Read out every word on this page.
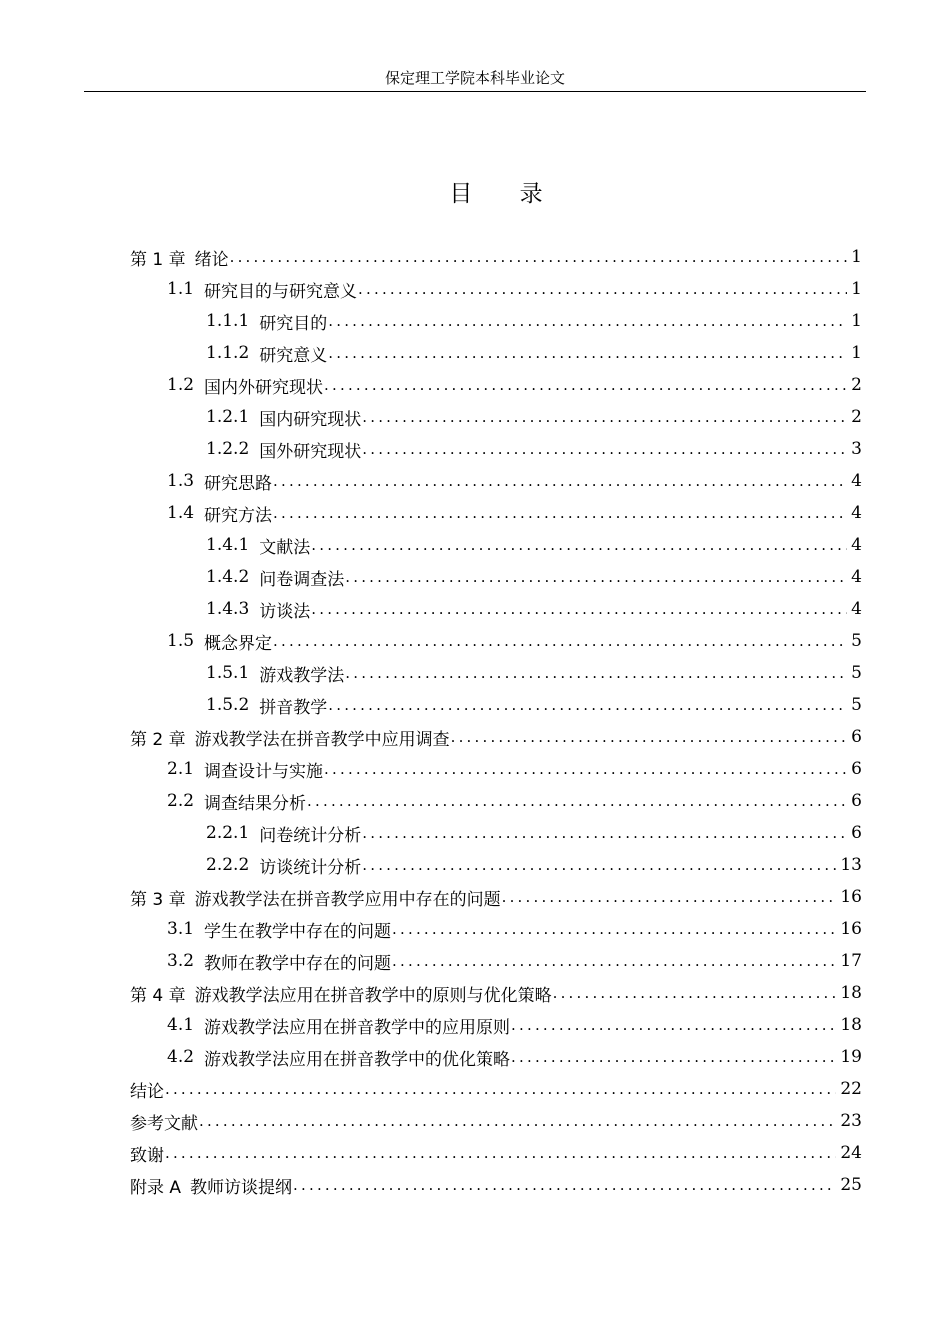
保定理工学院本科毕业论文
目 录
第 1 章 绪论 .....	1
1.1 研究目的与研究意义 .....	1
1.1.1 研究目的 .....	1
1.1.2 研究意义 .....	1
1.2 国内外研究现状 .....	2
1.2.1 国内研究现状 .....	2
1.2.2 国外研究现状 .....	3
1.3 研究思路 .....	4
1.4 研究方法 .....	4
1.4.1 文献法 .....	4
1.4.2 问卷调查法 .....	4
1.4.3 访谈法 .....	4
1.5 概念界定 .....	5
1.5.1 游戏教学法 .....	5
1.5.2 拼音教学 .....	5
第 2 章 游戏教学法在拼音教学中应用调查 .....	6
2.1 调查设计与实施 .....	6
2.2 调查结果分析 .....	6
2.2.1 问卷统计分析 .....	6
2.2.2 访谈统计分析 .....	13
第 3 章 游戏教学法在拼音教学应用中存在的问题 .....	16
3.1 学生在教学中存在的问题 .....	16
3.2 教师在教学中存在的问题 .....	17
第 4 章 游戏教学法应用在拼音教学中的原则与优化策略 .....	18
4.1 游戏教学法应用在拼音教学中的应用原则 .....	18
4.2 游戏教学法应用在拼音教学中的优化策略 .....	19
结论 .....	22
参考文献 .....	23
致谢 .....	24
附录 A 教师访谈提纲 .....	25
